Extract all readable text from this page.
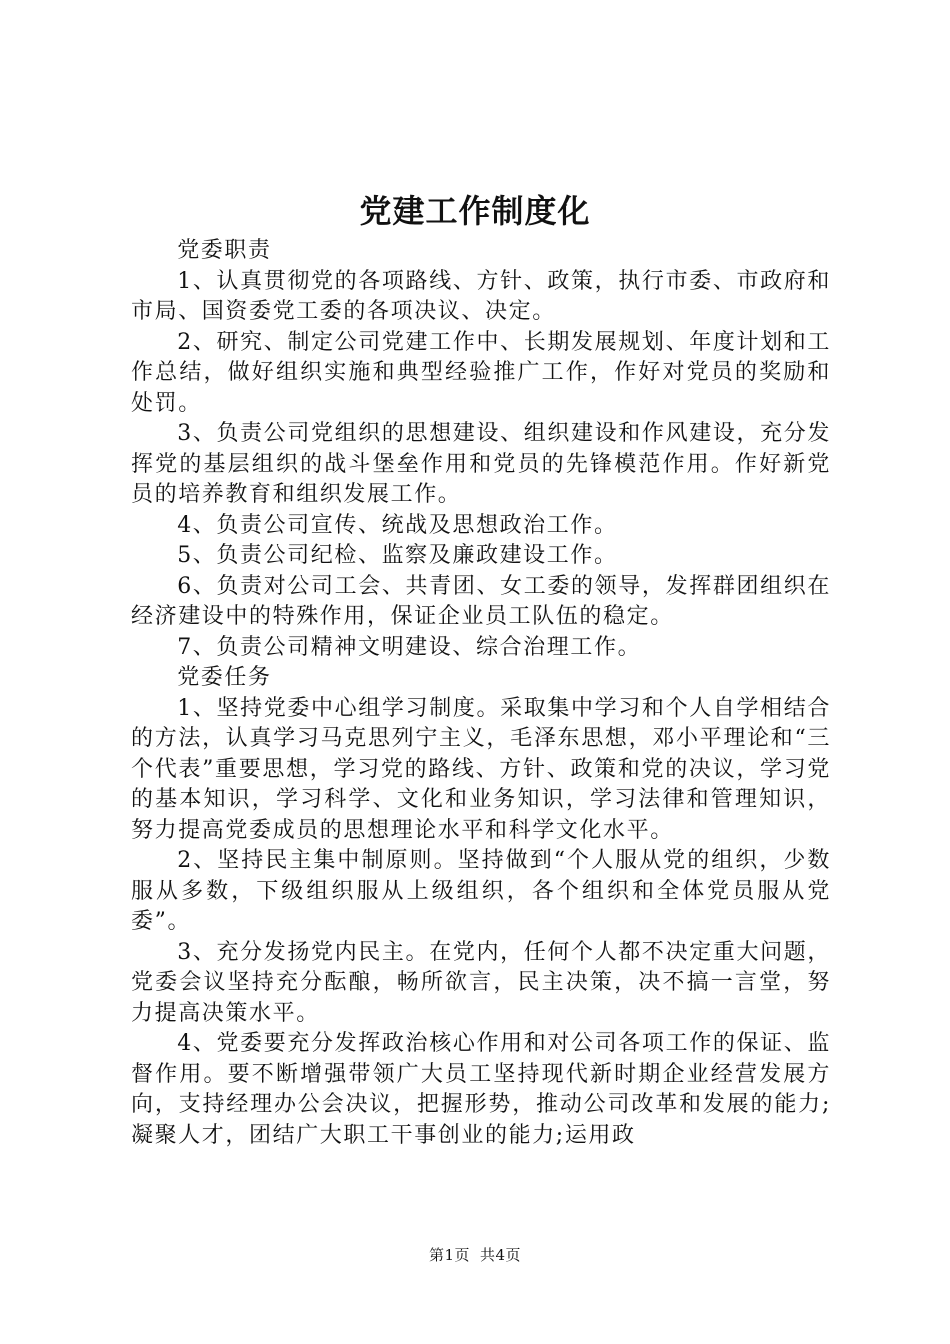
党建工作制度化

党委职责

1、认真贯彻党的各项路线、方针、政策，执行市委、市政府和市局、国资委党工委的各项决议、决定。

2、研究、制定公司党建工作中、长期发展规划、年度计划和工作总结，做好组织实施和典型经验推广工作，作好对党员的奖励和处罚。

3、负责公司党组织的思想建设、组织建设和作风建设，充分发挥党的基层组织的战斗堡垒作用和党员的先锋模范作用。作好新党员的培养教育和组织发展工作。

4、负责公司宣传、统战及思想政治工作。

5、负责公司纪检、监察及廉政建设工作。

6、负责对公司工会、共青团、女工委的领导，发挥群团组织在经济建设中的特殊作用，保证企业员工队伍的稳定。

7、负责公司精神文明建设、综合治理工作。

党委任务

1、坚持党委中心组学习制度。采取集中学习和个人自学相结合的方法，认真学习马克思列宁主义，毛泽东思想，邓小平理论和“三个代表”重要思想，学习党的路线、方针、政策和党的决议，学习党的基本知识，学习科学、文化和业务知识，学习法律和管理知识，努力提高党委成员的思想理论水平和科学文化水平。

2、坚持民主集中制原则。坚持做到“个人服从党的组织，少数服从多数，下级组织服从上级组织，各个组织和全体党员服从党委”。

3、充分发扬党内民主。在党内，任何个人都不决定重大问题，党委会议坚持充分酝酿，畅所欲言，民主决策，决不搞一言堂，努力提高决策水平。

4、党委要充分发挥政治核心作用和对公司各项工作的保证、监督作用。要不断增强带领广大员工坚持现代新时期企业经营发展方向，支持经理办公会决议，把握形势，推动公司改革和发展的能力;凝聚人才，团结广大职工干事创业的能力;运用政

第1页 共4页
